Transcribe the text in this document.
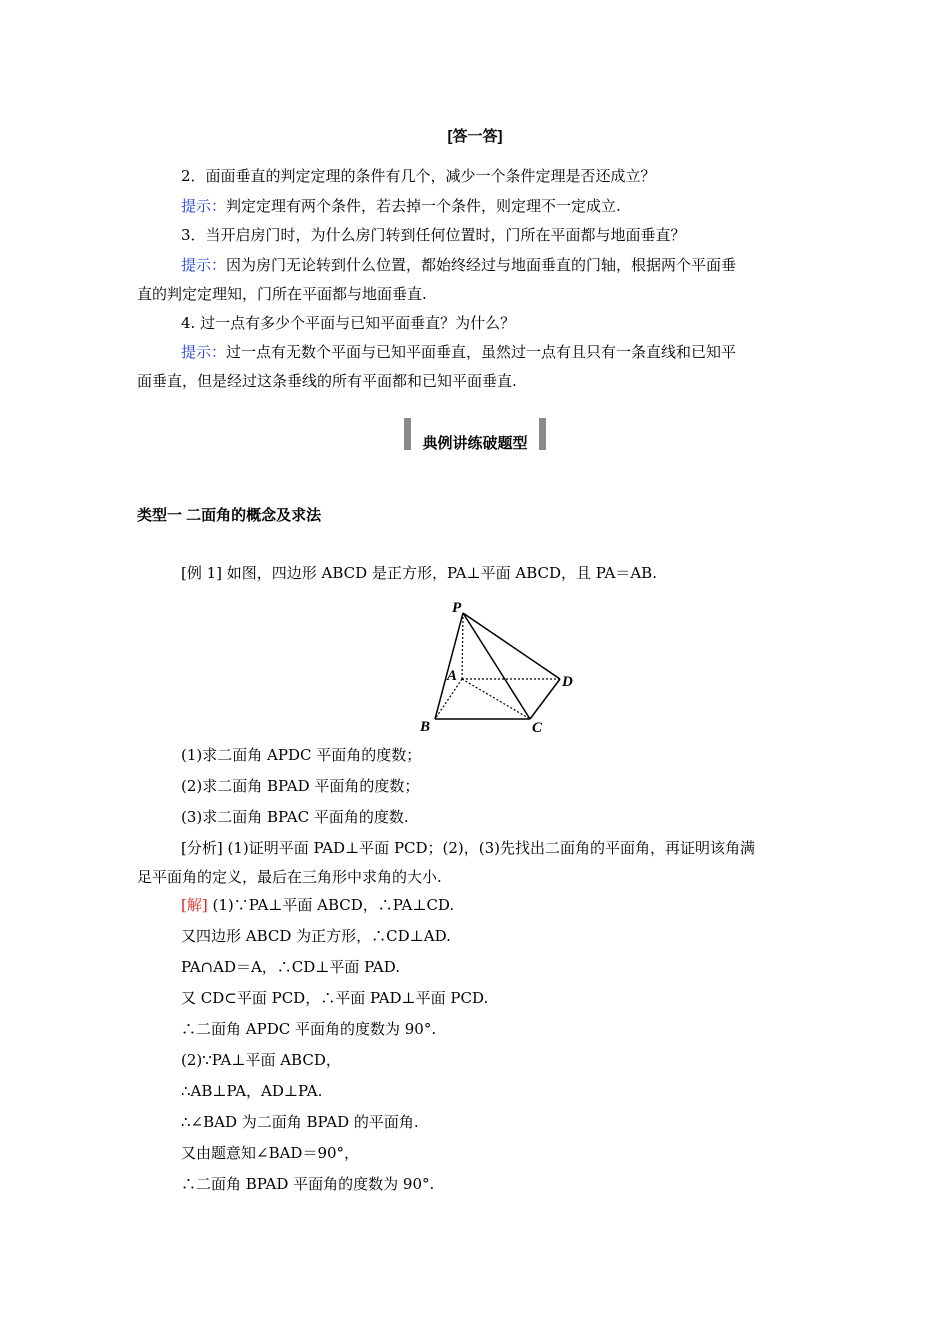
[答一答]
2．面面垂直的判定定理的条件有几个，减少一个条件定理是否还成立？
提示：判定定理有两个条件，若去掉一个条件，则定理不一定成立.
3．当开启房门时，为什么房门转到任何位置时，门所在平面都与地面垂直？
提示：因为房门无论转到什么位置，都始终经过与地面垂直的门轴，根据两个平面垂
直的判定定理知，门所在平面都与地面垂直.
4. 过一点有多少个平面与已知平面垂直？为什么？
提示：过一点有无数个平面与已知平面垂直，虽然过一点有且只有一条直线和已知平
面垂直，但是经过这条垂线的所有平面都和已知平面垂直.
典例讲练破题型
类型一 二面角的概念及求法
[例 1] 如图，四边形 ABCD 是正方形，PA⊥平面 ABCD，且 PA＝AB.
P
A
B	C
D
(1)求二面角 APDC 平面角的度数；
(2)求二面角 BPAD 平面角的度数；
(3)求二面角 BPAC 平面角的度数.
[分析] (1)证明平面 PAD⊥平面 PCD；(2)，(3)先找出二面角的平面角，再证明该角满
足平面角的定义，最后在三角形中求角的大小.
[解] (1)∵PA⊥平面 ABCD，∴PA⊥CD.
又四边形 ABCD 为正方形，∴CD⊥AD.
PA∩AD＝A，∴CD⊥平面 PAD.
又 CD⊂平面 PCD，∴平面 PAD⊥平面 PCD.
∴二面角 APDC 平面角的度数为 90°.
(2)∵PA⊥平面 ABCD，
∴AB⊥PA，AD⊥PA.
∴∠BAD 为二面角 BPAD 的平面角.
又由题意知∠BAD＝90°，
∴二面角 BPAD 平面角的度数为 90°.
